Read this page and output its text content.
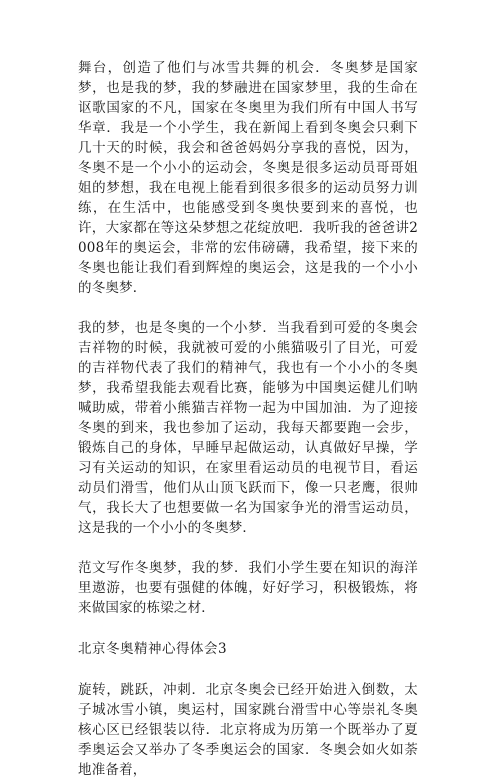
舞台，创造了他们与冰雪共舞的机会．冬奥梦是国家梦，也是我的梦，我的梦融进在国家梦里，我的生命在讴歌国家的不凡，国家在冬奥里为我们所有中国人书写华章．我是一个小学生，我在新闻上看到冬奥会只剩下几十天的时候，我会和爸爸妈妈分享我的喜悦，因为，冬奥不是一个小小的运动会，冬奥是很多运动员哥哥姐姐的梦想，我在电视上能看到很多很多的运动员努力训练，在生活中，也能感受到冬奥快要到来的喜悦，也许，大家都在等这朵梦想之花绽放吧．我听我的爸爸讲2008年的奥运会，非常的宏伟磅礴，我希望，接下来的冬奥也能让我们看到辉煌的奥运会，这是我的一个小小的冬奥梦．

我的梦，也是冬奥的一个小梦．当我看到可爱的冬奥会吉祥物的时候，我就被可爱的小熊猫吸引了目光，可爱的吉祥物代表了我们的精神气，我也有一个小小的冬奥梦，我希望我能去观看比赛，能够为中国奥运健儿们呐喊助威，带着小熊猫吉祥物一起为中国加油．为了迎接冬奥的到来，我也参加了运动，我每天都要跑一会步，锻炼自己的身体，早睡早起做运动，认真做好早操，学习有关运动的知识，在家里看运动员的电视节目，看运动员们滑雪，他们从山顶飞跃而下，像一只老鹰，很帅气，我长大了也想要做一名为国家争光的滑雪运动员，这是我的一个小小的冬奥梦．

范文写作冬奥梦，我的梦．我们小学生要在知识的海洋里遨游，也要有强健的体魄，好好学习，积极锻炼，将来做国家的栋梁之材．

北京冬奥精神心得体会3

旋转，跳跃，冲刺．北京冬奥会已经开始进入倒数，太子城冰雪小镇，奥运村，国家跳台滑雪中心等崇礼冬奥核心区已经银装以待．北京将成为历第一个既举办了夏季奥运会又举办了冬季奥运会的国家．冬奥会如火如荼地准备着，
